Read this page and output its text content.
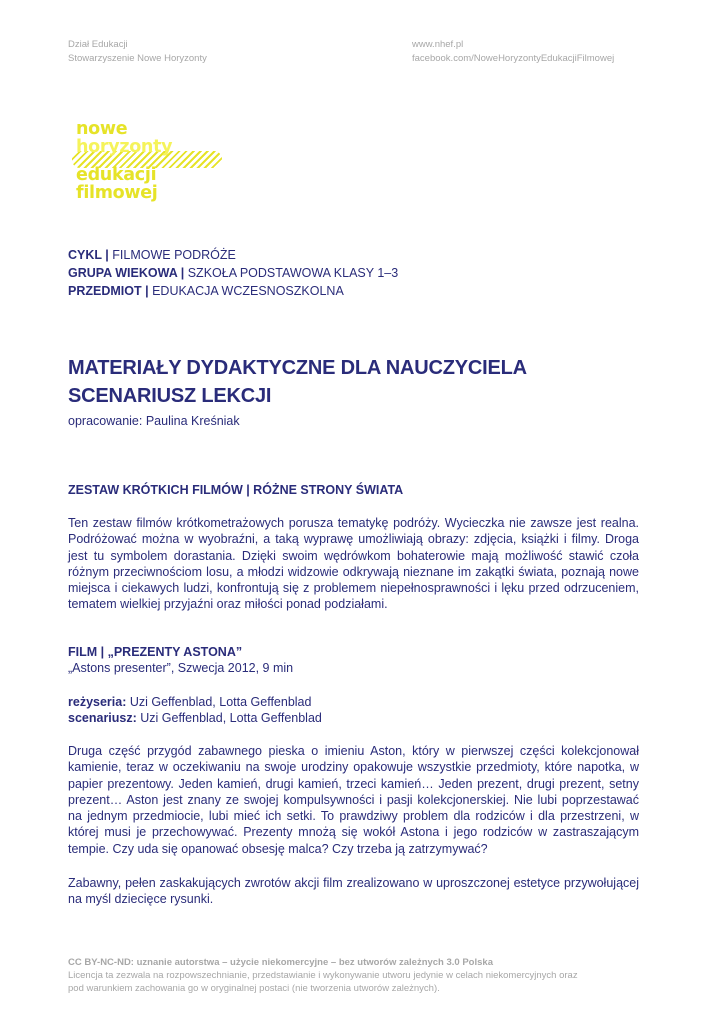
Dział Edukacji
Stowarzyszenie Nowe Horyzonty
www.nhef.pl
facebook.com/NoweHoryzontyEdukacjiFilmowej
nowe
horyzonty
edukacji
filmowej
CYKL | FILMOWE PODRÓŻE
GRUPA WIEKOWA | SZKOŁA PODSTAWOWA KLASY 1–3
PRZEDMIOT | EDUKACJA WCZESNOSZKOLNA
MATERIAŁY DYDAKTYCZNE DLA NAUCZYCIELA
SCENARIUSZ LEKCJI
opracowanie: Paulina Kreśniak
ZESTAW KRÓTKICH FILMÓW | RÓŻNE STRONY ŚWIATA

Ten zestaw filmów krótkometrażowych porusza tematykę podróży. Wycieczka nie zawsze jest realna. Podróżować można w wyobraźni, a taką wyprawę umożliwiają obrazy: zdjęcia, książki i filmy. Droga jest tu symbolem dorastania. Dzięki swoim wędrówkom bohaterowie mają możliwość stawić czoła różnym przeciwnościom losu, a młodzi widzowie odkrywają nieznane im zakątki świata, poznają nowe miejsca i ciekawych ludzi, konfrontują się z problemem niepełnosprawności i lęku przed odrzuceniem, tematem wielkiej przyjaźni oraz miłości ponad podziałami.

FILM | „PREZENTY ASTONA”
„Astons presenter”, Szwecja 2012, 9 min
reżyseria: Uzi Geffenblad, Lotta Geffenblad
scenariusz: Uzi Geffenblad, Lotta Geffenblad

Druga część przygód zabawnego pieska o imieniu Aston, który w pierwszej części kolekcjonował kamienie, teraz w oczekiwaniu na swoje urodziny opakowuje wszystkie przedmioty, które napotka, w papier prezentowy. Jeden kamień, drugi kamień, trzeci kamień… Jeden prezent, drugi prezent, setny prezent… Aston jest znany ze swojej kompulsywności i pasji kolekcjonerskiej. Nie lubi poprzestawać na jednym przedmiocie, lubi mieć ich setki. To prawdziwy problem dla rodziców i dla przestrzeni, w której musi je przechowywać. Prezenty mnożą się wokół Astona i jego rodziców w zastraszającym tempie. Czy uda się opanować obsesję malca? Czy trzeba ją zatrzymywać?

Zabawny, pełen zaskakujących zwrotów akcji film zrealizowano w uproszczonej estetyce przywołującej na myśl dziecięce rysunki.

CC BY-NC-ND: uznanie autorstwa – użycie niekomercyjne – bez utworów zależnych 3.0 Polska
Licencja ta zezwala na rozpowszechnianie, przedstawianie i wykonywanie utworu jedynie w celach niekomercyjnych oraz
pod warunkiem zachowania go w oryginalnej postaci (nie tworzenia utworów zależnych).
